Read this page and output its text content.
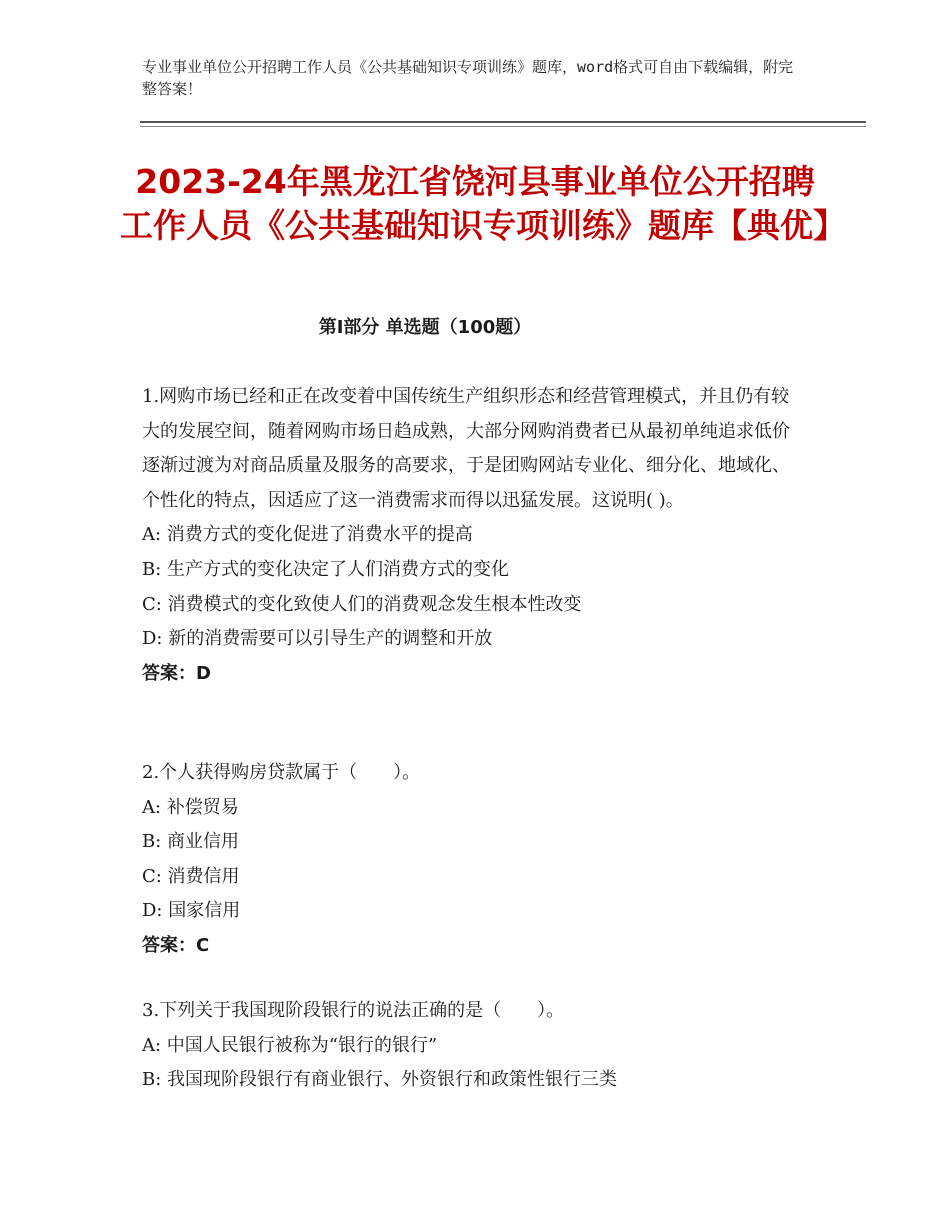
专业事业单位公开招聘工作人员《公共基础知识专项训练》题库，word格式可自由下载编辑，附完整答案！
2023-24年黑龙江省饶河县事业单位公开招聘工作人员《公共基础知识专项训练》题库【典优】
第Ⅰ部分 单选题（100题）
1.网购市场已经和正在改变着中国传统生产组织形态和经营管理模式，并且仍有较大的发展空间，随着网购市场日趋成熟，大部分网购消费者已从最初单纯追求低价逐渐过渡为对商品质量及服务的高要求，于是团购网站专业化、细分化、地域化、个性化的特点，因适应了这一消费需求而得以迅猛发展。这说明( )。
A: 消费方式的变化促进了消费水平的提高
B: 生产方式的变化决定了人们消费方式的变化
C: 消费模式的变化致使人们的消费观念发生根本性改变
D: 新的消费需要可以引导生产的调整和开放
答案：D
2.个人获得购房贷款属于（　　）。
A: 补偿贸易
B: 商业信用
C: 消费信用
D: 国家信用
答案：C
3.下列关于我国现阶段银行的说法正确的是（　　）。
A: 中国人民银行被称为“银行的银行”
B: 我国现阶段银行有商业银行、外资银行和政策性银行三类
